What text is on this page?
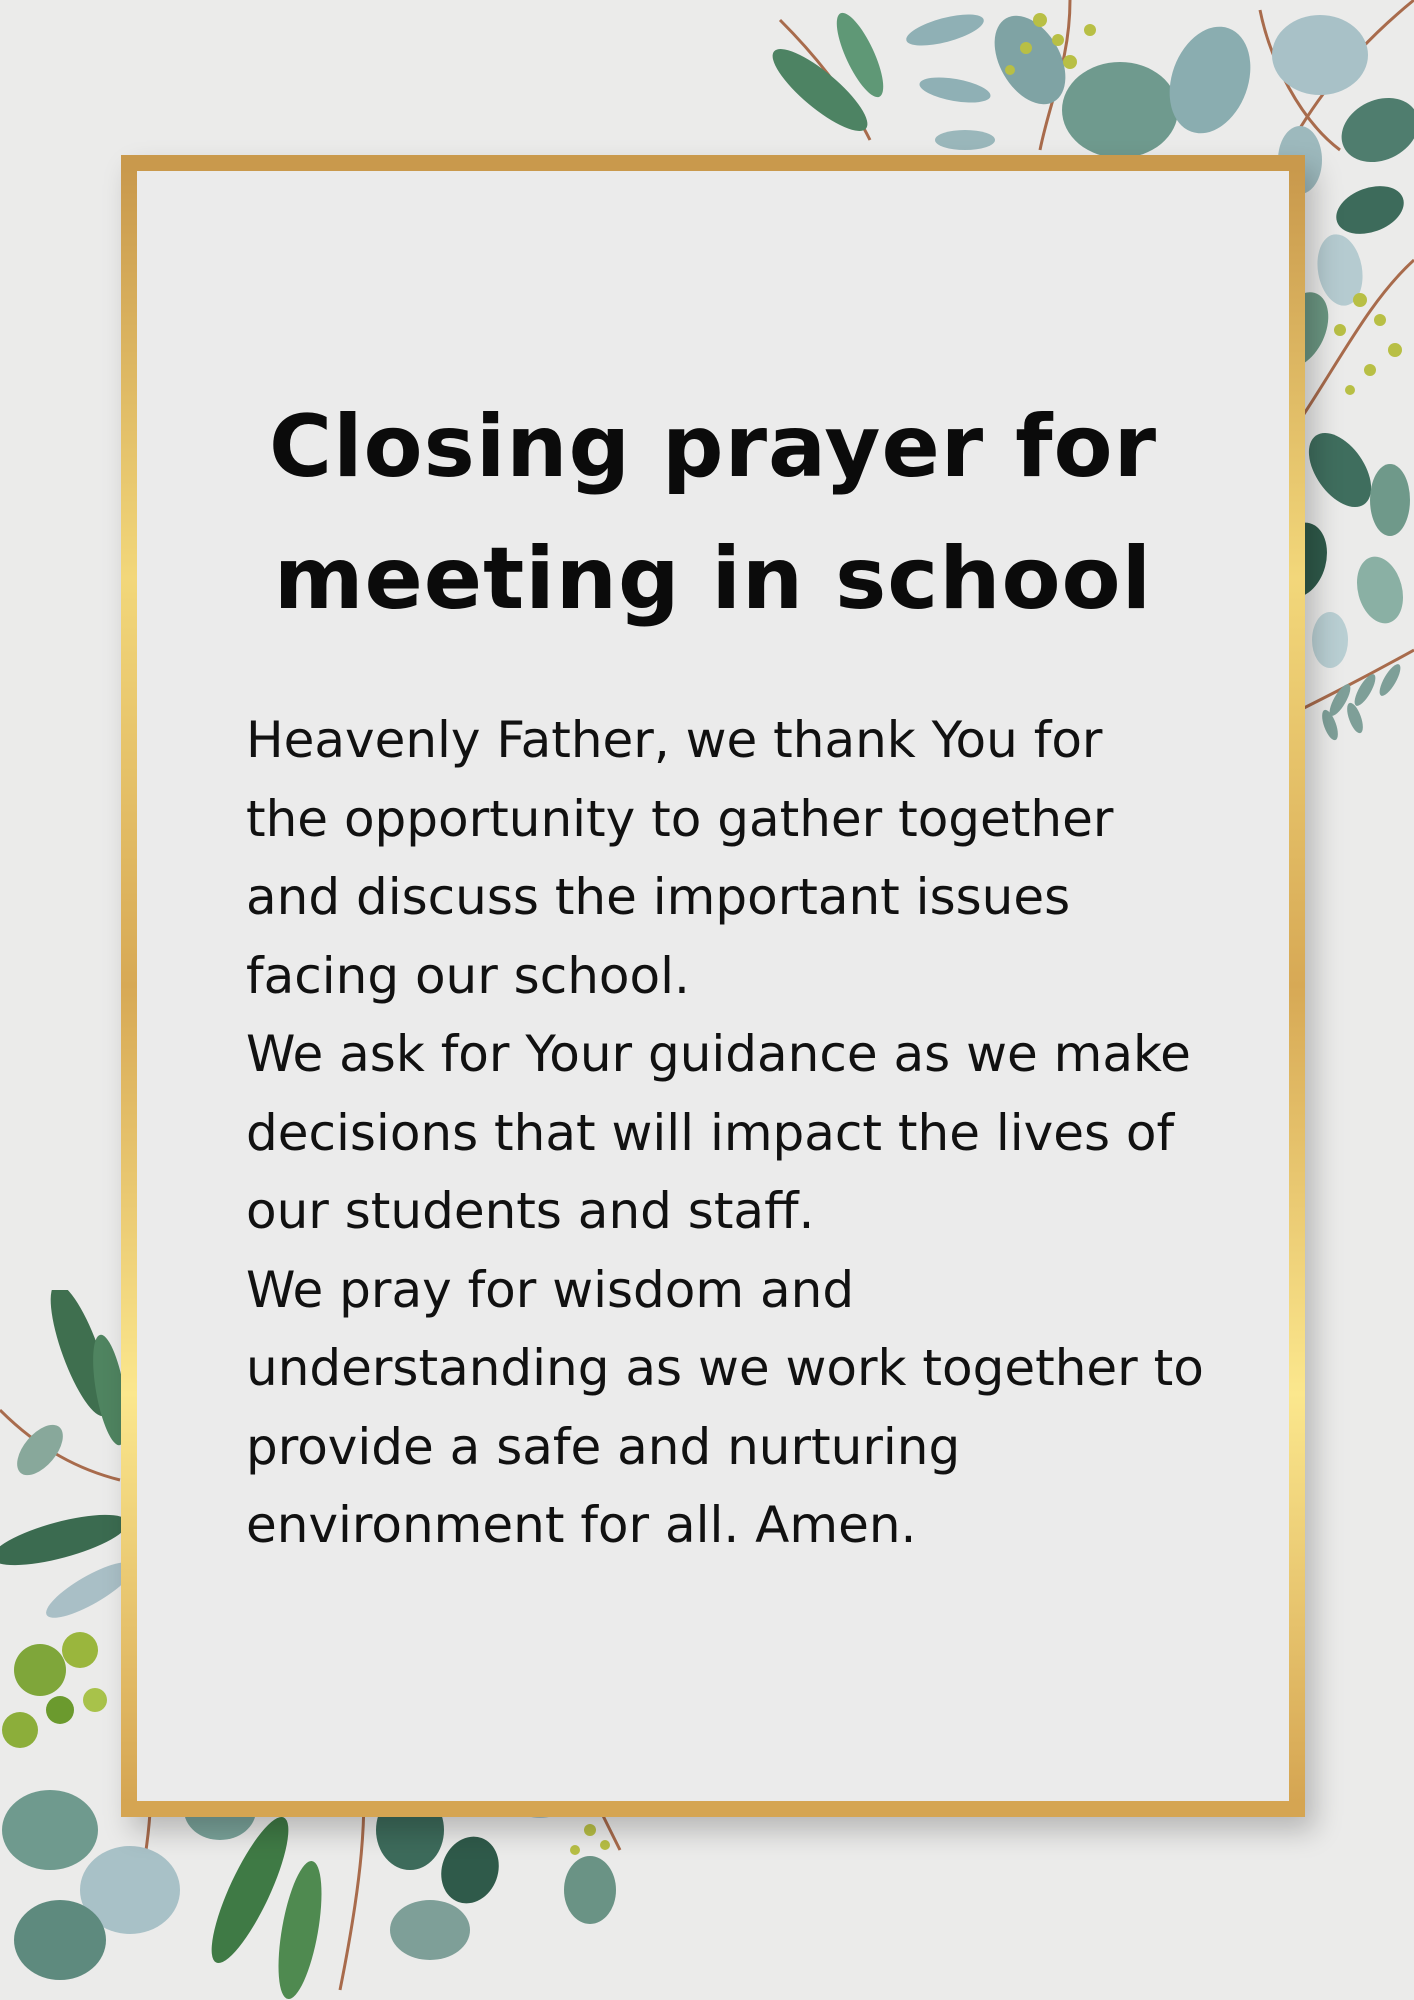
Closing prayer for
meeting in school

Heavenly Father, we thank You for
the opportunity to gather together
and discuss the important issues
facing our school.
We ask for Your guidance as we make
decisions that will impact the lives of
our students and staff.
We pray for wisdom and
understanding as we work together to
provide a safe and nurturing
environment for all. Amen.
